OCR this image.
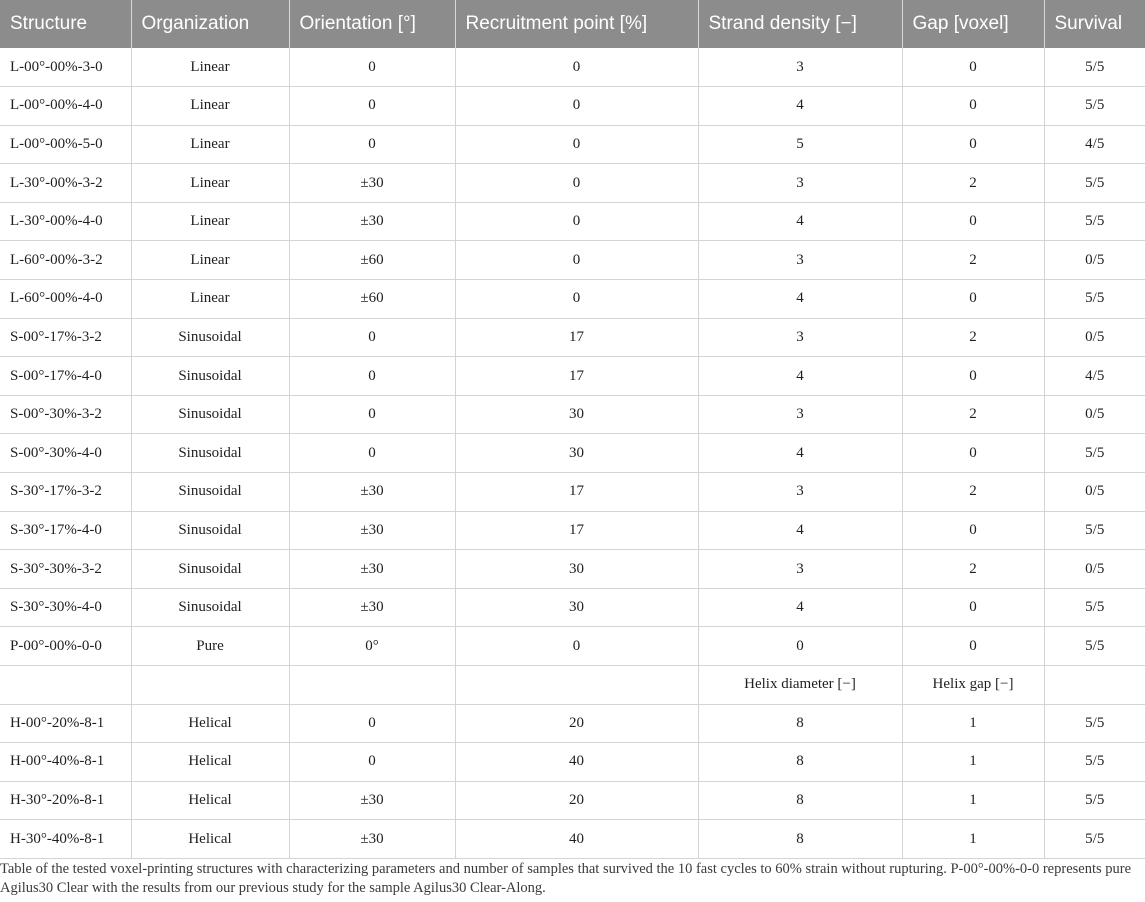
Structure	Organization	Orientation [°]	Recruitment point [%]	Strand density [−]	Gap [voxel]	Survival
L-00°-00%-3-0	Linear	0	0	3	0	5/5
L-00°-00%-4-0	Linear	0	0	4	0	5/5
L-00°-00%-5-0	Linear	0	0	5	0	4/5
L-30°-00%-3-2	Linear	±30	0	3	2	5/5
L-30°-00%-4-0	Linear	±30	0	4	0	5/5
L-60°-00%-3-2	Linear	±60	0	3	2	0/5
L-60°-00%-4-0	Linear	±60	0	4	0	5/5
S-00°-17%-3-2	Sinusoidal	0	17	3	2	0/5
S-00°-17%-4-0	Sinusoidal	0	17	4	0	4/5
S-00°-30%-3-2	Sinusoidal	0	30	3	2	0/5
S-00°-30%-4-0	Sinusoidal	0	30	4	0	5/5
S-30°-17%-3-2	Sinusoidal	±30	17	3	2	0/5
S-30°-17%-4-0	Sinusoidal	±30	17	4	0	5/5
S-30°-30%-3-2	Sinusoidal	±30	30	3	2	0/5
S-30°-30%-4-0	Sinusoidal	±30	30	4	0	5/5
P-00°-00%-0-0	Pure	0°	0	0	0	5/5
				Helix diameter [−]	Helix gap [−]	
H-00°-20%-8-1	Helical	0	20	8	1	5/5
H-00°-40%-8-1	Helical	0	40	8	1	5/5
H-30°-20%-8-1	Helical	±30	20	8	1	5/5
H-30°-40%-8-1	Helical	±30	40	8	1	5/5

Table of the tested voxel-printing structures with characterizing parameters and number of samples that survived the 10 fast cycles to 60% strain without rupturing. P-00°-00%-0-0 represents pure Agilus30 Clear with the results from our previous study for the sample Agilus30 Clear-Along.
